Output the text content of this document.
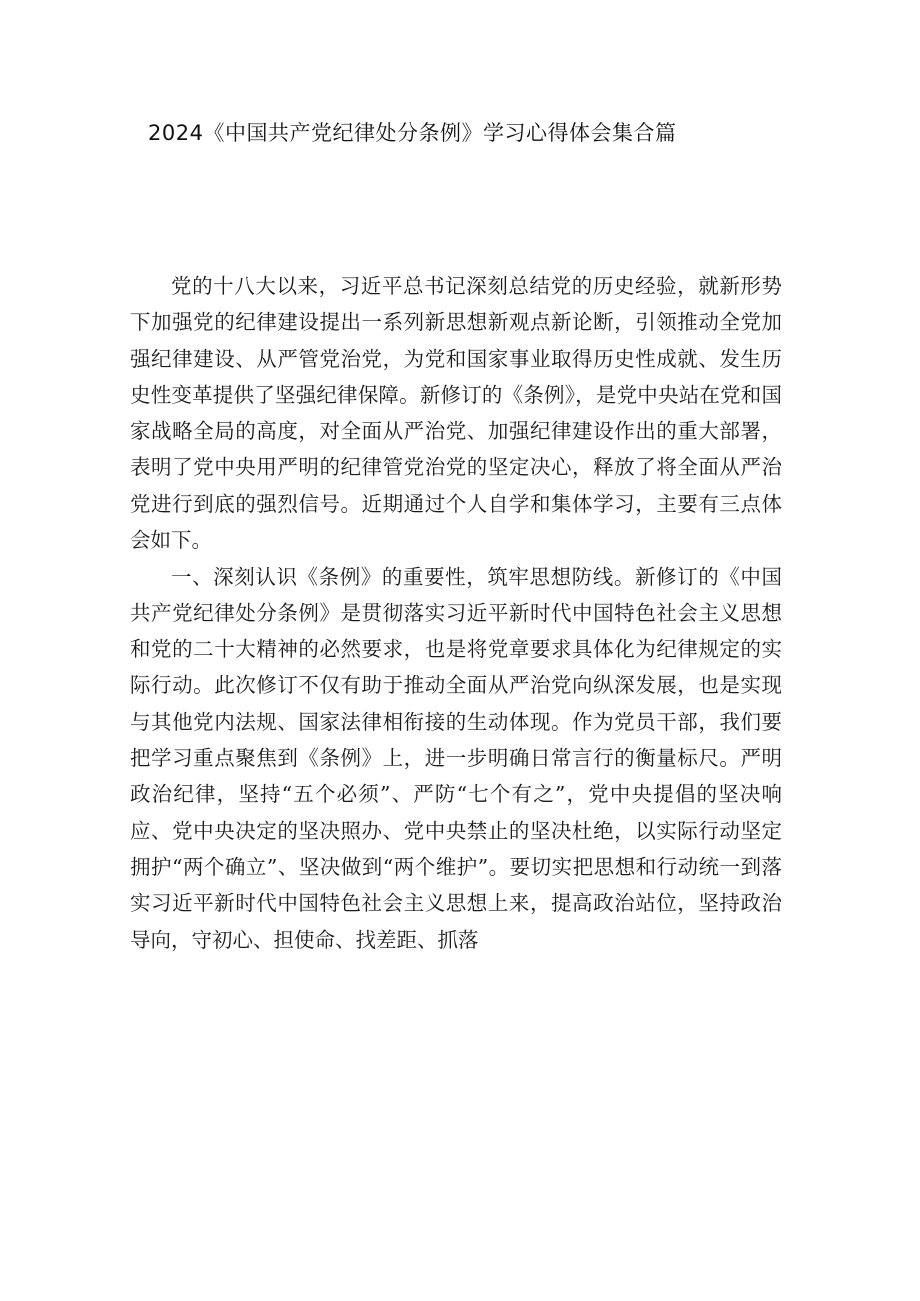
2024《中国共产党纪律处分条例》学习心得体会集合篇

党的十八大以来，习近平总书记深刻总结党的历史经验，就新形势下加强党的纪律建设提出一系列新思想新观点新论断，引领推动全党加强纪律建设、从严管党治党，为党和国家事业取得历史性成就、发生历史性变革提供了坚强纪律保障。新修订的《条例》，是党中央站在党和国家战略全局的高度，对全面从严治党、加强纪律建设作出的重大部署，表明了党中央用严明的纪律管党治党的坚定决心，释放了将全面从严治党进行到底的强烈信号。近期通过个人自学和集体学习，主要有三点体会如下。

一、深刻认识《条例》的重要性，筑牢思想防线。新修订的《中国共产党纪律处分条例》是贯彻落实习近平新时代中国特色社会主义思想和党的二十大精神的必然要求，也是将党章要求具体化为纪律规定的实际行动。此次修订不仅有助于推动全面从严治党向纵深发展，也是实现与其他党内法规、国家法律相衔接的生动体现。作为党员干部，我们要把学习重点聚焦到《条例》上，进一步明确日常言行的衡量标尺。严明政治纪律，坚持“五个必须”、严防“七个有之”，党中央提倡的坚决响应、党中央决定的坚决照办、党中央禁止的坚决杜绝，以实际行动坚定拥护“两个确立”、坚决做到“两个维护”。要切实把思想和行动统一到落实习近平新时代中国特色社会主义思想上来，提高政治站位，坚持政治导向，守初心、担使命、找差距、抓落
